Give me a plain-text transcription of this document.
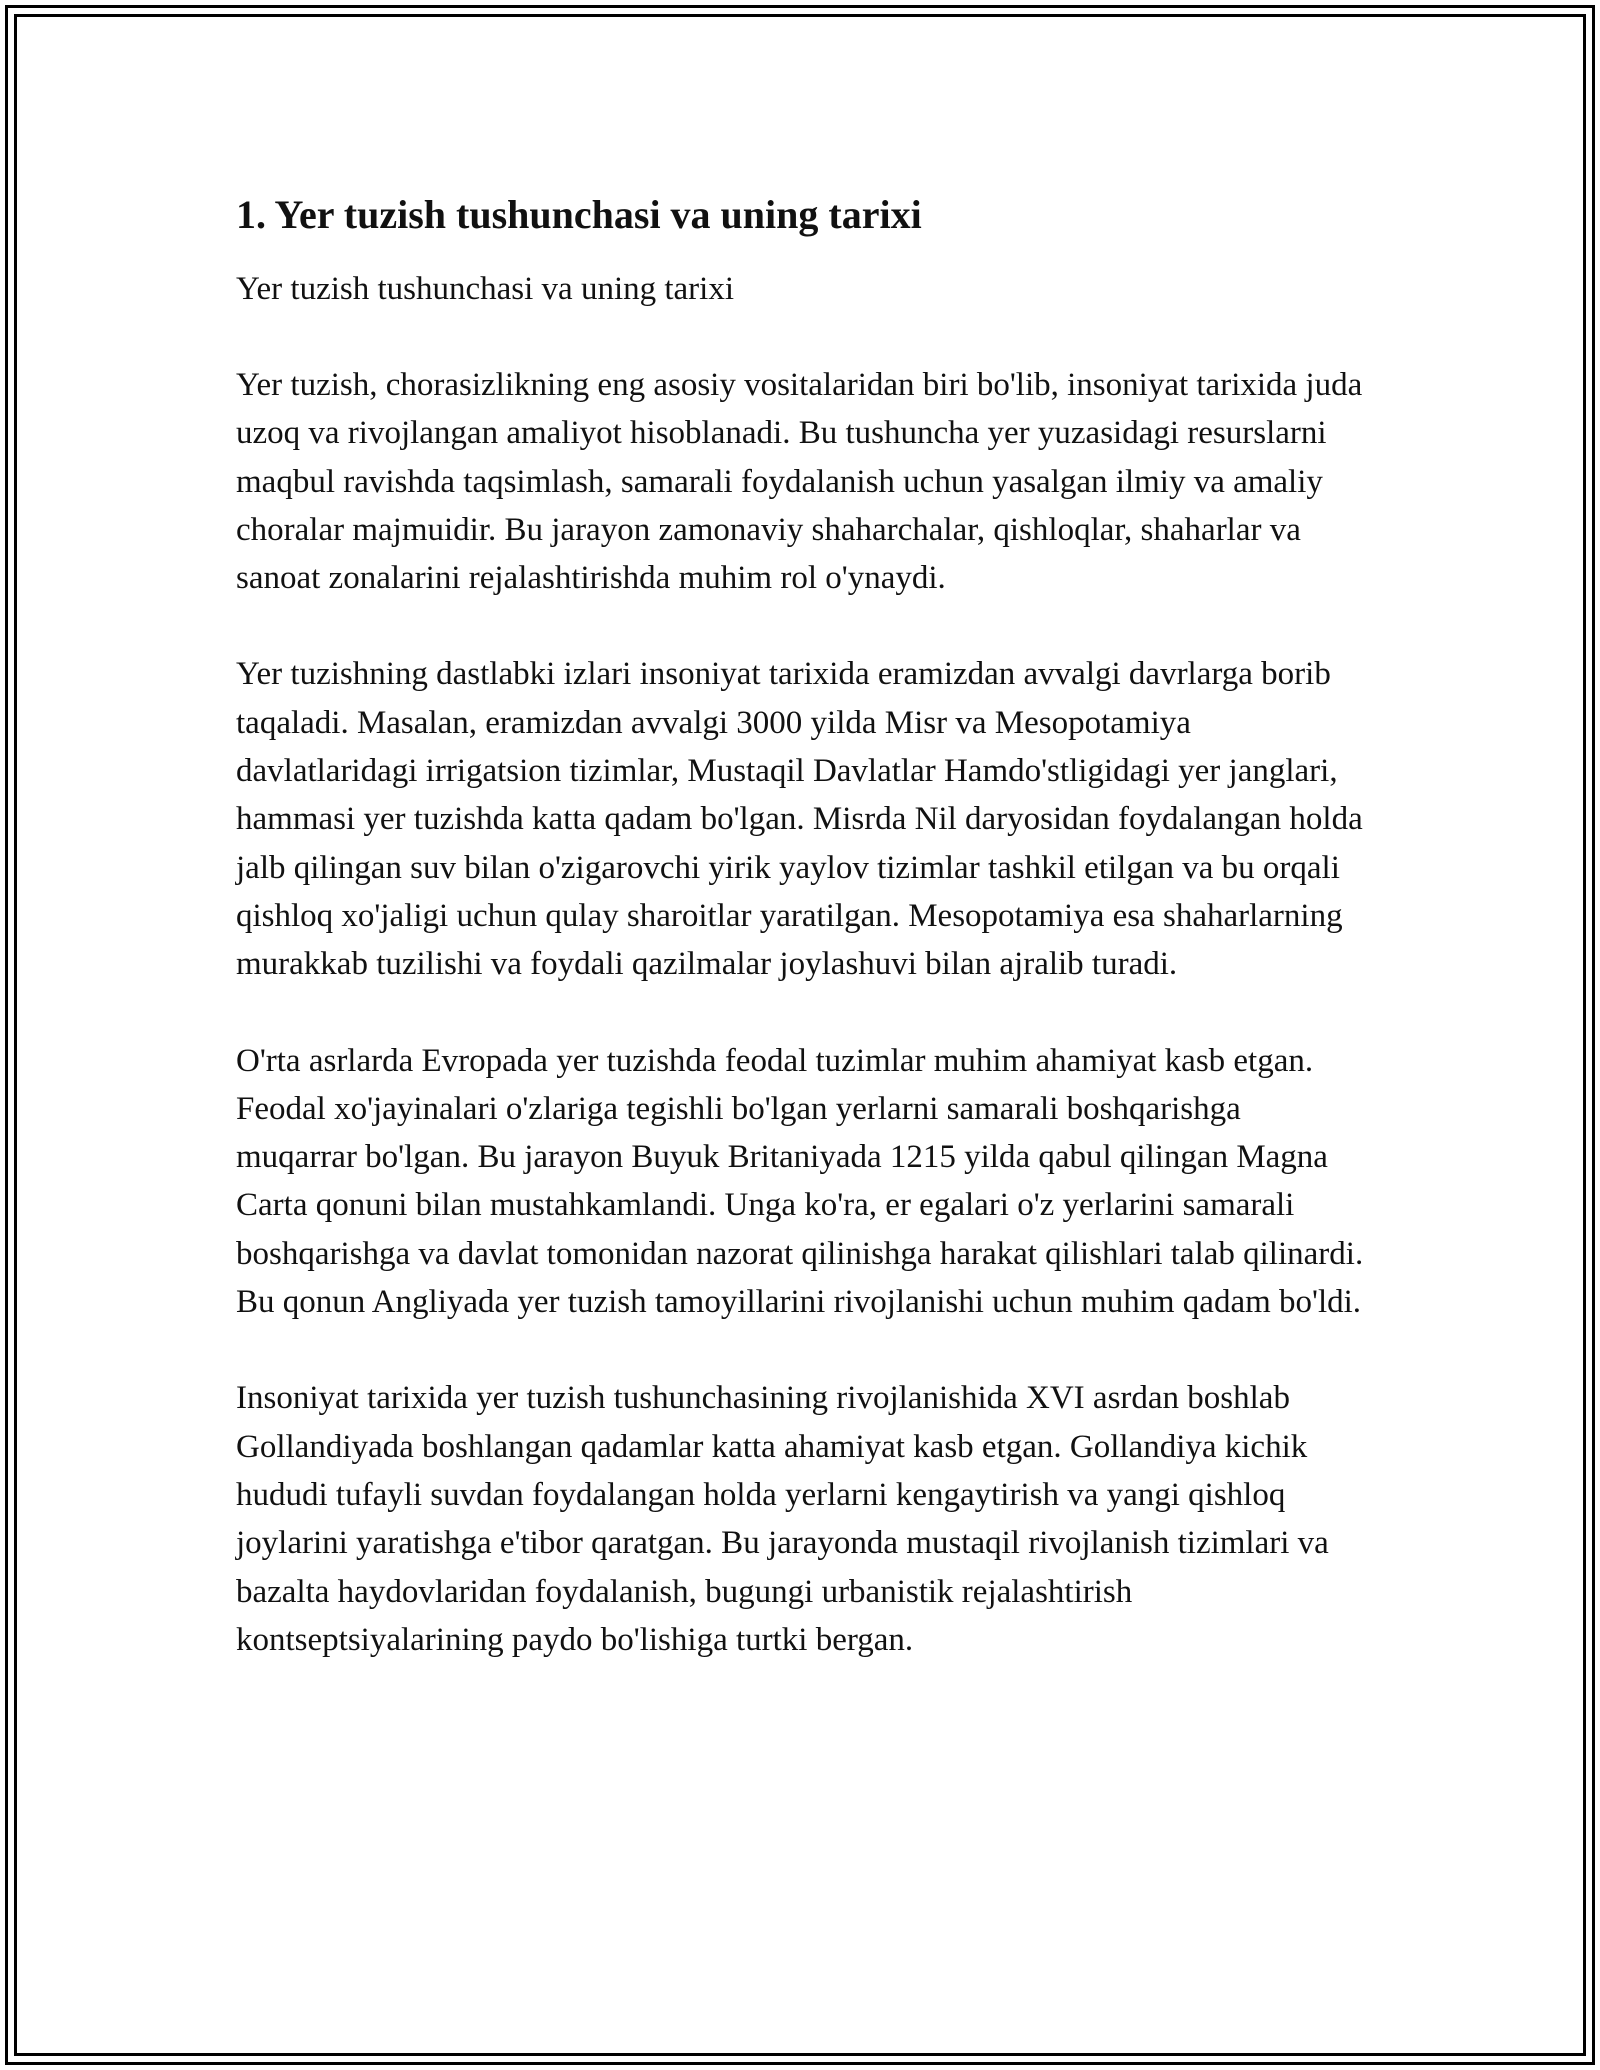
1. Yer tuzish tushunchasi va uning tarixi

Yer tuzish tushunchasi va uning tarixi

Yer tuzish, chorasizlikning eng asosiy vositalaridan biri bo'lib, insoniyat tarixida juda uzoq va rivojlangan amaliyot hisoblanadi. Bu tushuncha yer yuzasidagi resurslarni maqbul ravishda taqsimlash, samarali foydalanish uchun yasalgan ilmiy va amaliy choralar majmuidir. Bu jarayon zamonaviy shaharchalar, qishloqlar, shaharlar va sanoat zonalarini rejalashtirishda muhim rol o'ynaydi.

Yer tuzishning dastlabki izlari insoniyat tarixida eramizdan avvalgi davrlarga borib taqaladi. Masalan, eramizdan avvalgi 3000 yilda Misr va Mesopotamiya davlatlaridagi irrigatsion tizimlar, Mustaqil Davlatlar Hamdo'stligidagi yer janglari, hammasi yer tuzishda katta qadam bo'lgan. Misrda Nil daryosidan foydalangan holda jalb qilingan suv bilan o'zigarovchi yirik yaylov tizimlar tashkil etilgan va bu orqali qishloq xo'jaligi uchun qulay sharoitlar yaratilgan. Mesopotamiya esa shaharlarning murakkab tuzilishi va foydali qazilmalar joylashuvi bilan ajralib turadi.

O'rta asrlarda Evropada yer tuzishda feodal tuzimlar muhim ahamiyat kasb etgan. Feodal xo'jayinalari o'zlariga tegishli bo'lgan yerlarni samarali boshqarishga muqarrar bo'lgan. Bu jarayon Buyuk Britaniyada 1215 yilda qabul qilingan Magna Carta qonuni bilan mustahkamlandi. Unga ko'ra, er egalari o'z yerlarini samarali boshqarishga va davlat tomonidan nazorat qilinishga harakat qilishlari talab qilinardi. Bu qonun Angliyada yer tuzish tamoyillarini rivojlanishi uchun muhim qadam bo'ldi.

Insoniyat tarixida yer tuzish tushunchasining rivojlanishida XVI asrdan boshlab Gollandiyada boshlangan qadamlar katta ahamiyat kasb etgan. Gollandiya kichik hududi tufayli suvdan foydalangan holda yerlarni kengaytirish va yangi qishloq joylarini yaratishga e'tibor qaratgan. Bu jarayonda mustaqil rivojlanish tizimlari va bazalta haydovlaridan foydalanish, bugungi urbanistik rejalashtirish kontseptsiyalarining paydo bo'lishiga turtki bergan.
